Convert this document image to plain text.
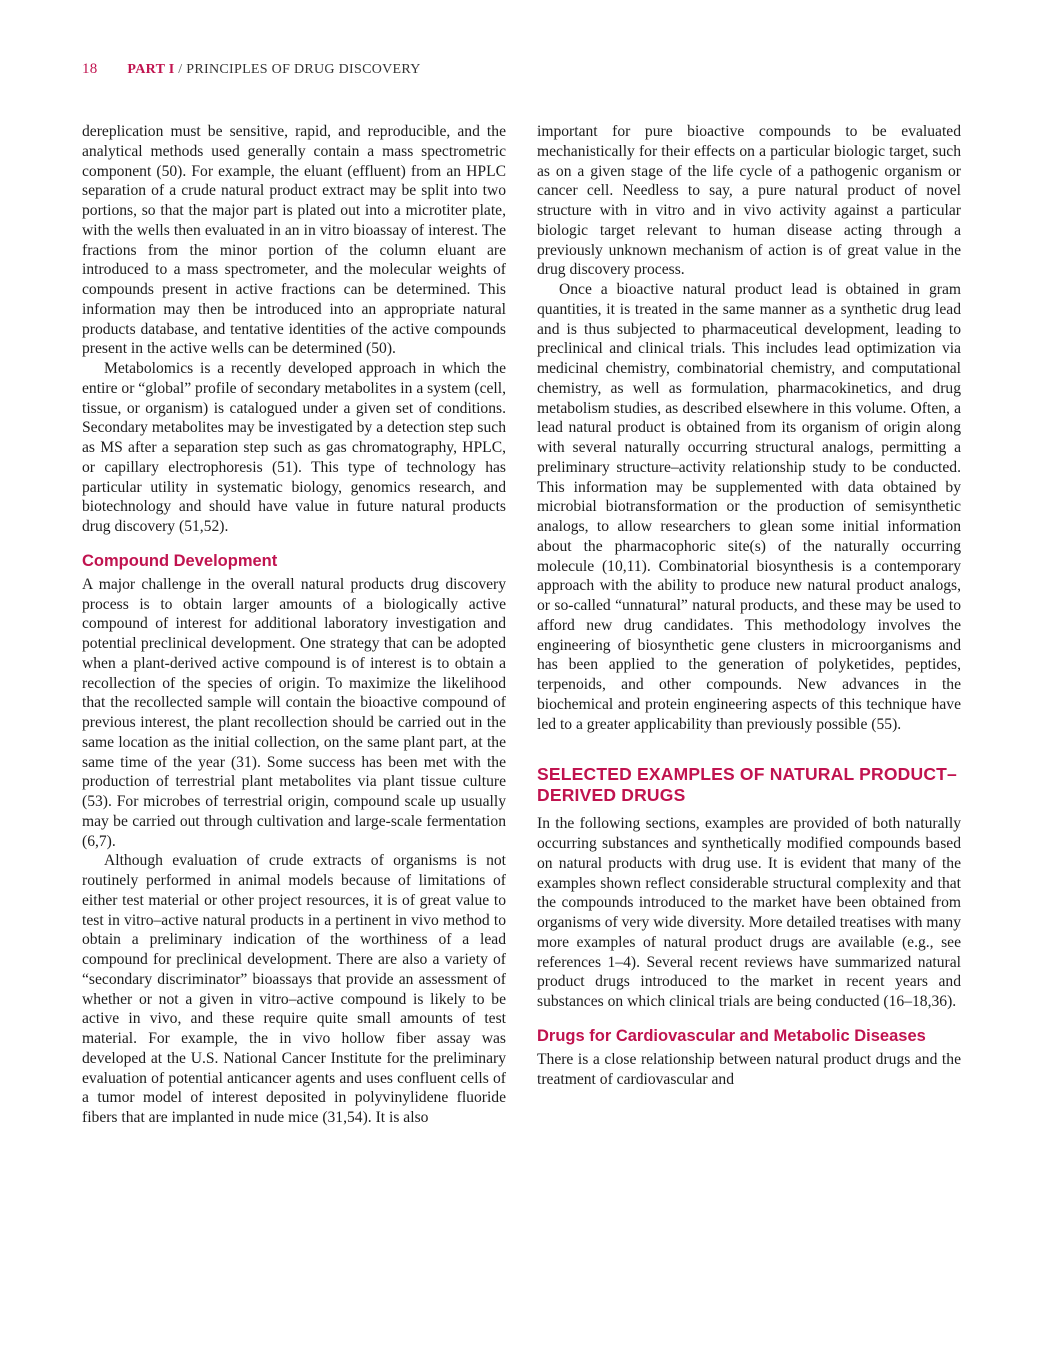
18 PART I / PRINCIPLES OF DRUG DISCOVERY

dereplication must be sensitive, rapid, and reproducible, and the analytical methods used generally contain a mass spectrometric component (50). For example, the eluant (effluent) from an HPLC separation of a crude natural product extract may be split into two portions, so that the major part is plated out into a microtiter plate, with the wells then evaluated in an in vitro bioassay of interest. The fractions from the minor portion of the column eluant are introduced to a mass spectrometer, and the molecular weights of compounds present in active fractions can be determined. This information may then be introduced into an appropriate natural products database, and tentative identities of the active compounds present in the active wells can be determined (50).

Metabolomics is a recently developed approach in which the entire or “global” profile of secondary metabolites in a system (cell, tissue, or organism) is catalogued under a given set of conditions. Secondary metabolites may be investigated by a detection step such as MS after a separation step such as gas chromatography, HPLC, or capillary electrophoresis (51). This type of technology has particular utility in systematic biology, genomics research, and biotechnology and should have value in future natural products drug discovery (51,52).

Compound Development

A major challenge in the overall natural products drug discovery process is to obtain larger amounts of a biologically active compound of interest for additional laboratory investigation and potential preclinical development. One strategy that can be adopted when a plant-derived active compound is of interest is to obtain a recollection of the species of origin. To maximize the likelihood that the recollected sample will contain the bioactive compound of previous interest, the plant recollection should be carried out in the same location as the initial collection, on the same plant part, at the same time of the year (31). Some success has been met with the production of terrestrial plant metabolites via plant tissue culture (53). For microbes of terrestrial origin, compound scale up usually may be carried out through cultivation and large-scale fermentation (6,7).

Although evaluation of crude extracts of organisms is not routinely performed in animal models because of limitations of either test material or other project resources, it is of great value to test in vitro–active natural products in a pertinent in vivo method to obtain a preliminary indication of the worthiness of a lead compound for preclinical development. There are also a variety of “secondary discriminator” bioassays that provide an assessment of whether or not a given in vitro–active compound is likely to be active in vivo, and these require quite small amounts of test material. For example, the in vivo hollow fiber assay was developed at the U.S. National Cancer Institute for the preliminary evaluation of potential anticancer agents and uses confluent cells of a tumor model of interest deposited in polyvinylidene fluoride fibers that are implanted in nude mice (31,54). It is also

important for pure bioactive compounds to be evaluated mechanistically for their effects on a particular biologic target, such as on a given stage of the life cycle of a pathogenic organism or cancer cell. Needless to say, a pure natural product of novel structure with in vitro and in vivo activity against a particular biologic target relevant to human disease acting through a previously unknown mechanism of action is of great value in the drug discovery process.

Once a bioactive natural product lead is obtained in gram quantities, it is treated in the same manner as a synthetic drug lead and is thus subjected to pharmaceutical development, leading to preclinical and clinical trials. This includes lead optimization via medicinal chemistry, combinatorial chemistry, and computational chemistry, as well as formulation, pharmacokinetics, and drug metabolism studies, as described elsewhere in this volume. Often, a lead natural product is obtained from its organism of origin along with several naturally occurring structural analogs, permitting a preliminary structure–activity relationship study to be conducted. This information may be supplemented with data obtained by microbial biotransformation or the production of semisynthetic analogs, to allow researchers to glean some initial information about the pharmacophoric site(s) of the naturally occurring molecule (10,11). Combinatorial biosynthesis is a contemporary approach with the ability to produce new natural product analogs, or so-called “unnatural” natural products, and these may be used to afford new drug candidates. This methodology involves the engineering of biosynthetic gene clusters in microorganisms and has been applied to the generation of polyketides, peptides, terpenoids, and other compounds. New advances in the biochemical and protein engineering aspects of this technique have led to a greater applicability than previously possible (55).

SELECTED EXAMPLES OF NATURAL PRODUCT–DERIVED DRUGS

In the following sections, examples are provided of both naturally occurring substances and synthetically modified compounds based on natural products with drug use. It is evident that many of the examples shown reflect considerable structural complexity and that the compounds introduced to the market have been obtained from organisms of very wide diversity. More detailed treatises with many more examples of natural product drugs are available (e.g., see references 1–4). Several recent reviews have summarized natural product drugs introduced to the market in recent years and substances on which clinical trials are being conducted (16–18,36).

Drugs for Cardiovascular and Metabolic Diseases

There is a close relationship between natural product drugs and the treatment of cardiovascular and
